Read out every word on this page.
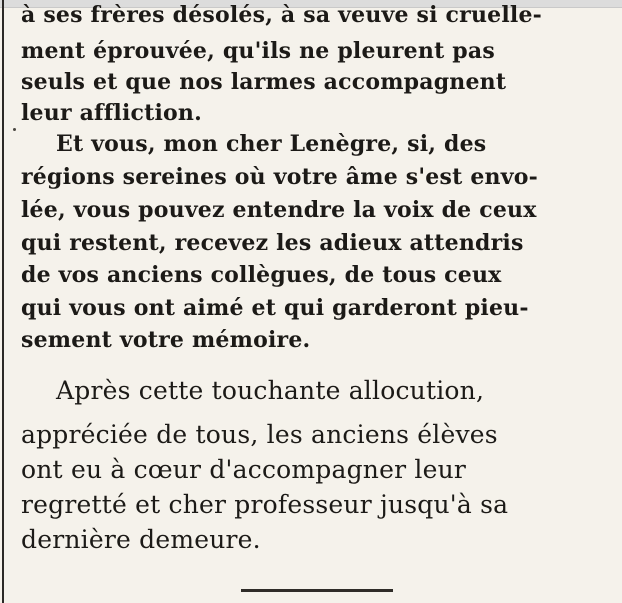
à ses frères désolés, à sa veuve si cruelle-
ment éprouvée, qu'ils ne pleurent pas
seuls et que nos larmes accompagnent
leur affliction.
Et vous, mon cher Lenègre, si, des
régions sereines où votre âme s'est envo-
lée, vous pouvez entendre la voix de ceux
qui restent, recevez les adieux attendris
de vos anciens collègues, de tous ceux
qui vous ont aimé et qui garderont pieu-
sement votre mémoire.
Après cette touchante allocution,
appréciée de tous, les anciens élèves
ont eu à cœur d'accompagner leur
regretté et cher professeur jusqu'à sa
dernière demeure.
